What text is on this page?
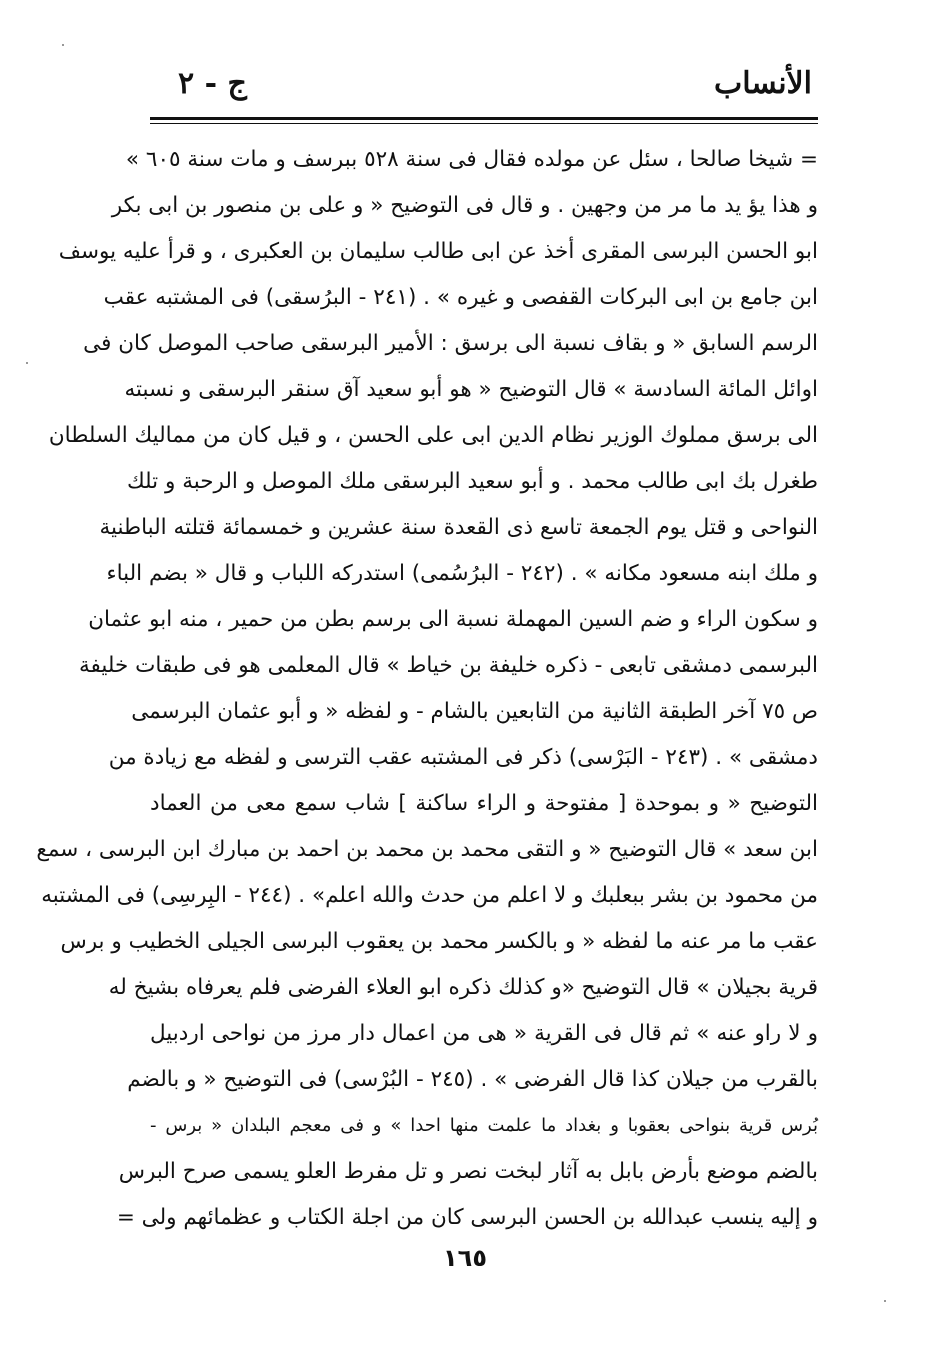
الأنساب
ج - ٢
= شيخا صالحا ، سئل عن مولده فقال فى سنة ٥٢٨ ببرسف و مات سنة ٦٠٥ »
و هذا يؤ يد ما مر من وجهين . و قال فى التوضيح « و على بن منصور بن ابى بكر
ابو الحسن البرسى المقرى أخذ عن ابى طالب سليمان بن العكبرى ، و قرأ عليه يوسف
ابن جامع بن ابى البركات القفصى و غيره » . (٢٤١ - البرُسقى) فى المشتبه عقب
الرسم السابق « و بقاف نسبة الى برسق : الأمير البرسقى صاحب الموصل كان فى
اوائل المائة السادسة » قال التوضيح « هو أبو سعيد آق سنقر البرسقى و نسبته
الى برسق مملوك الوزير نظام الدين ابى على الحسن ، و قيل كان من مماليك السلطان
طغرل بك ابى طالب محمد . و أبو سعيد البرسقى ملك الموصل و الرحبة و تلك
النواحى و قتل يوم الجمعة تاسع ذى القعدة سنة عشرين و خمسمائة قتلته الباطنية
و ملك ابنه مسعود مكانه » . (٢٤٢ - البرُسُمى) استدركه اللباب و قال « بضم الباء
و سكون الراء و ضم السين المهملة نسبة الى برسم بطن من حمير ، منه ابو عثمان
البرسمى دمشقى تابعى - ذكره خليفة بن خياط » قال المعلمى هو فى طبقات خليفة
ص ٧٥ آخر الطبقة الثانية من التابعين بالشام - و لفظه « و أبو عثمان البرسمى
دمشقى » . (٢٤٣ - البَرْسى) ذكر فى المشتبه عقب الترسى و لفظه مع زيادة من
التوضيح « و بموحدة [ مفتوحة و الراء ساكنة ] شاب سمع معى من العماد
ابن سعد » قال التوضيح « و التقى محمد بن محمد بن احمد بن مبارك ابن البرسى ، سمع
من محمود بن بشر ببعلبك و لا اعلم من حدث والله اعلم» . (٢٤٤ - البِرسِى) فى المشتبه
عقب ما مر عنه ما لفظه « و بالكسر محمد بن يعقوب البرسى الجيلى الخطيب و برس
قرية بجيلان » قال التوضيح «و كذلك ذكره ابو العلاء الفرضى فلم يعرفاه بشيخ له
و لا راو عنه » ثم قال فى القرية « هى من اعمال دار مرز من نواحى اردبيل
بالقرب من جيلان كذا قال الفرضى » . (٢٤٥ - البُرْسى) فى التوضيح « و بالضم
بُرس قرية بنواحى بعقوبا و بغداد ما علمت منها احدا » و فى معجم البلدان « برس -
بالضم موضع بأرض بابل به آثار لبخت نصر و تل مفرط العلو يسمى صرح البرس
و إليه ينسب عبدالله بن الحسن البرسى كان من اجلة الكتاب و عظمائهم ولى =
١٦٥
